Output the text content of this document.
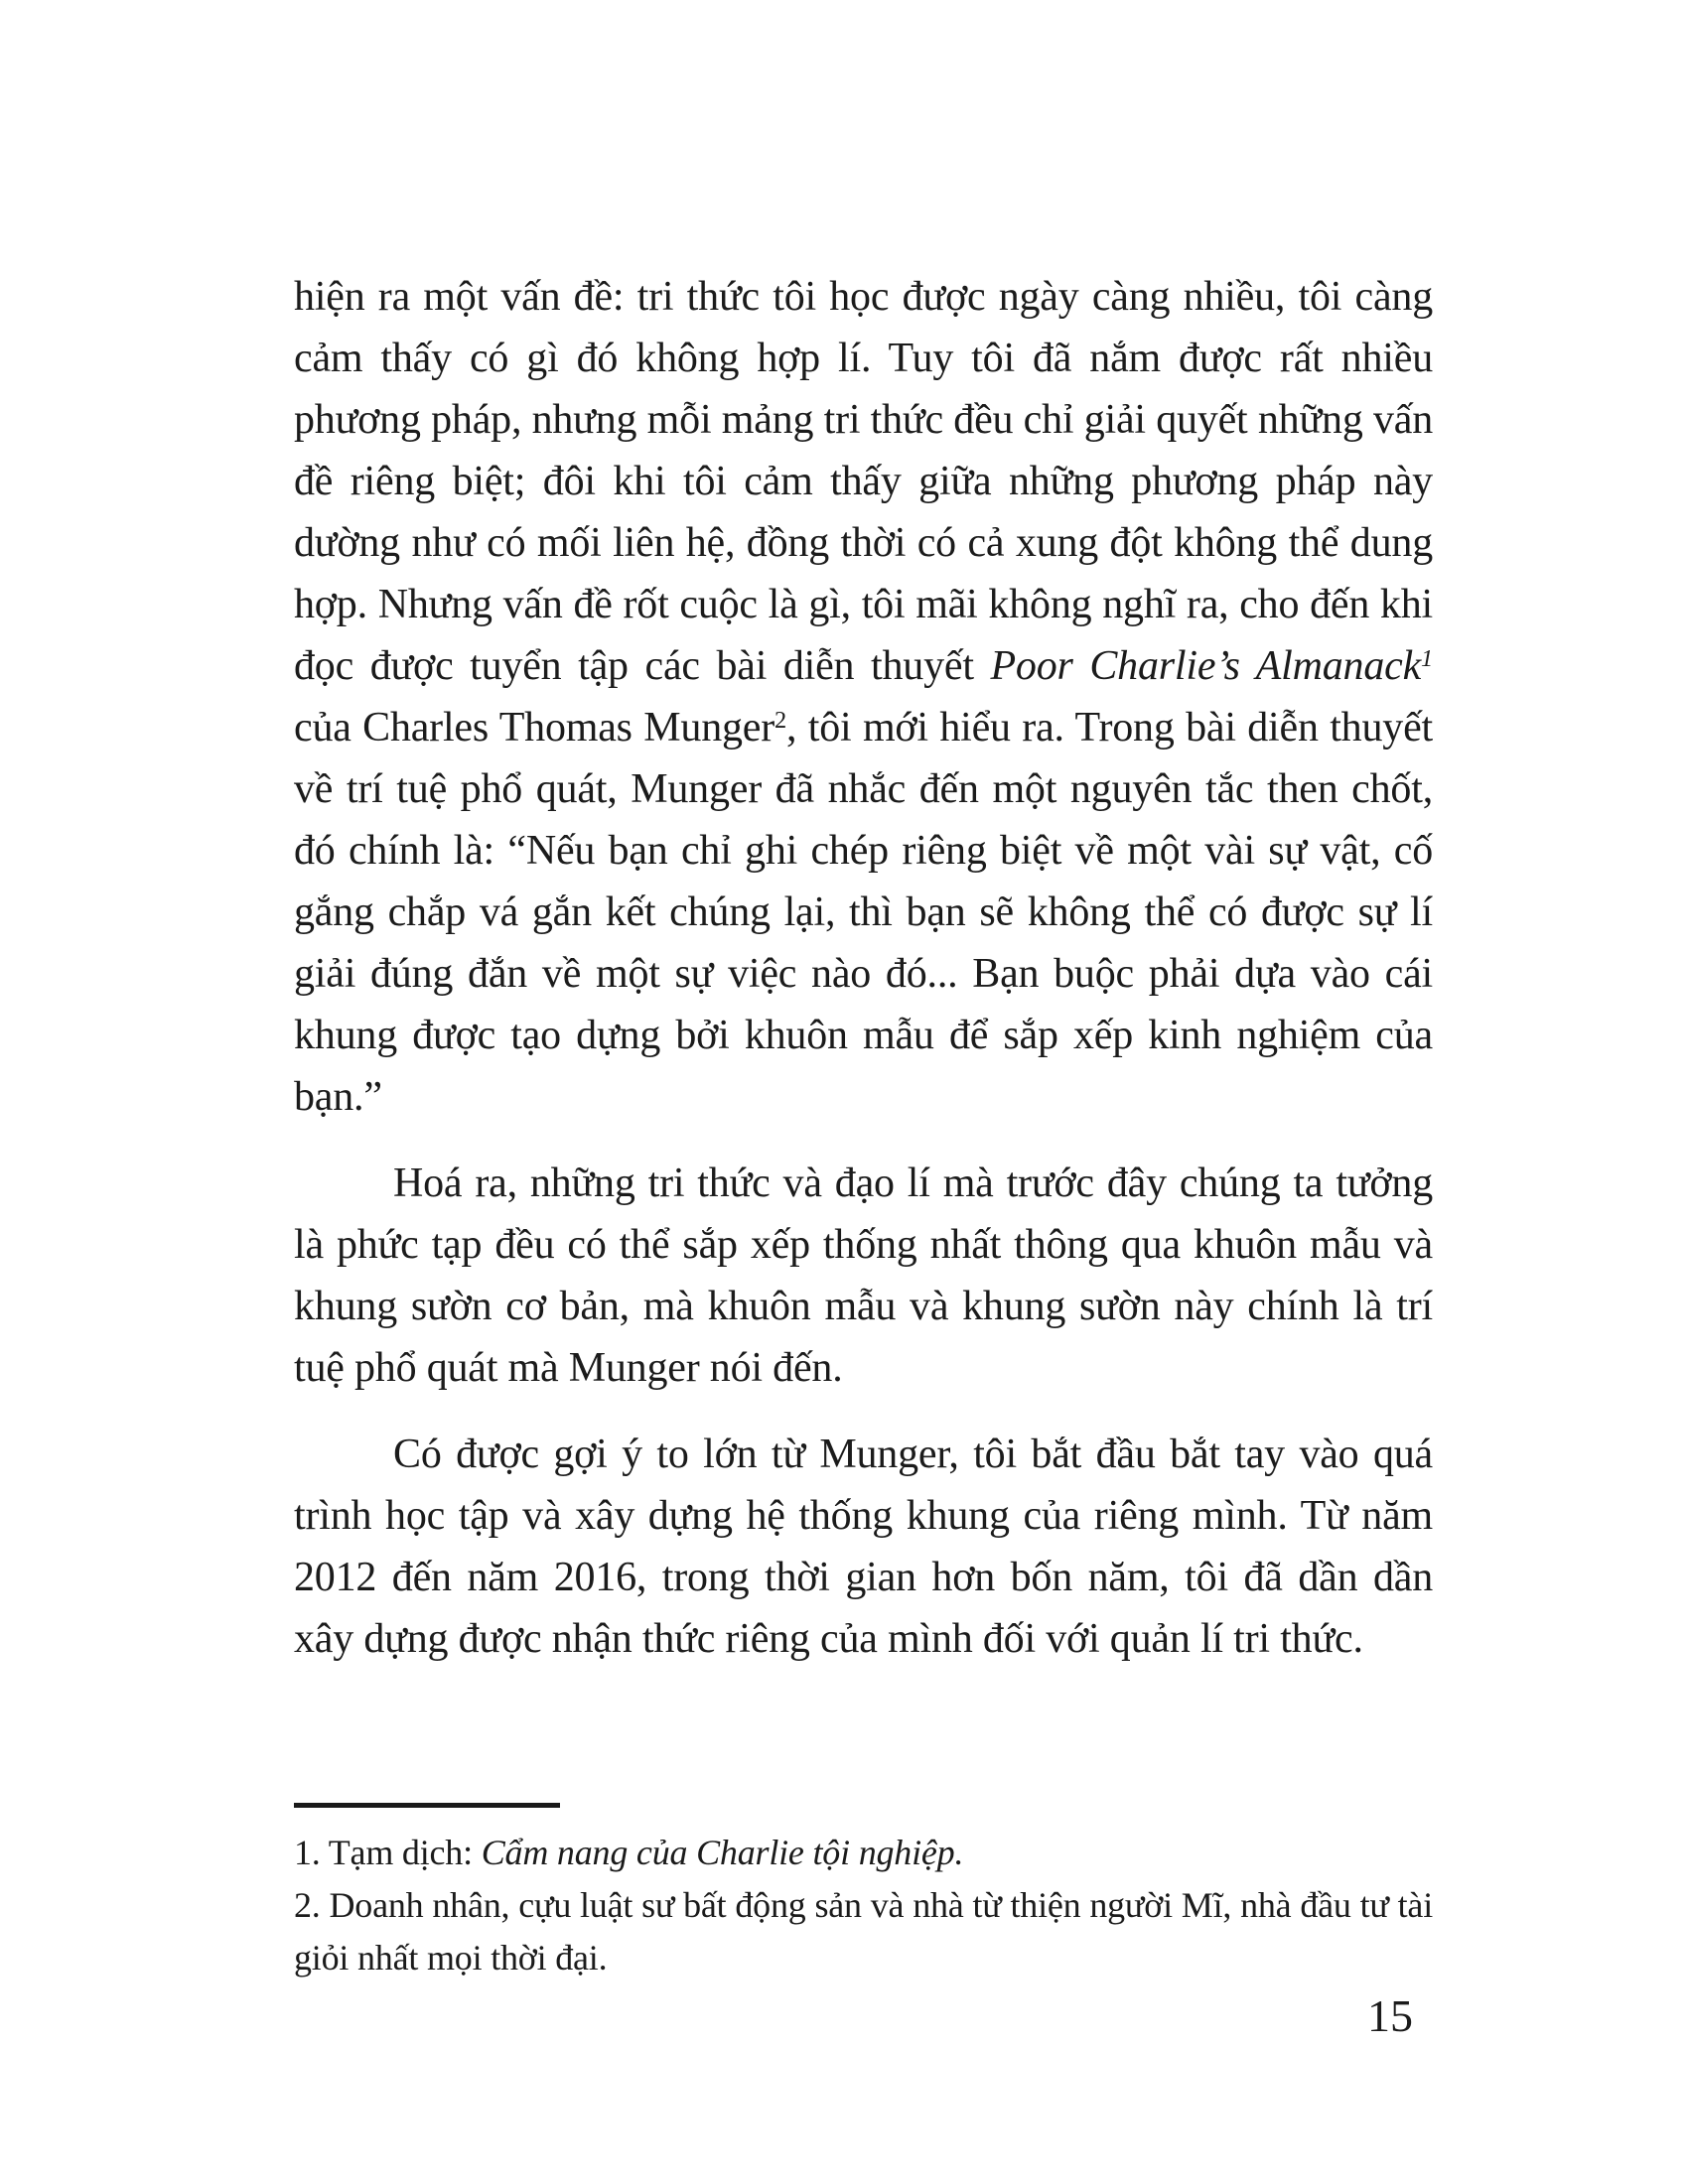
hiện ra một vấn đề: tri thức tôi học được ngày càng nhiều, tôi càng cảm thấy có gì đó không hợp lí. Tuy tôi đã nắm được rất nhiều phương pháp, nhưng mỗi mảng tri thức đều chỉ giải quyết những vấn đề riêng biệt; đôi khi tôi cảm thấy giữa những phương pháp này dường như có mối liên hệ, đồng thời có cả xung đột không thể dung hợp. Nhưng vấn đề rốt cuộc là gì, tôi mãi không nghĩ ra, cho đến khi đọc được tuyển tập các bài diễn thuyết Poor Charlie’s Almanack$^1$ của Charles Thomas Munger$^2$, tôi mới hiểu ra. Trong bài diễn thuyết về trí tuệ phổ quát, Munger đã nhắc đến một nguyên tắc then chốt, đó chính là: “Nếu bạn chỉ ghi chép riêng biệt về một vài sự vật, cố gắng chắp vá gắn kết chúng lại, thì bạn sẽ không thể có được sự lí giải đúng đắn về một sự việc nào đó... Bạn buộc phải dựa vào cái khung được tạo dựng bởi khuôn mẫu để sắp xếp kinh nghiệm của bạn.”

Hoá ra, những tri thức và đạo lí mà trước đây chúng ta tưởng là phức tạp đều có thể sắp xếp thống nhất thông qua khuôn mẫu và khung sườn cơ bản, mà khuôn mẫu và khung sườn này chính là trí tuệ phổ quát mà Munger nói đến.

Có được gợi ý to lớn từ Munger, tôi bắt đầu bắt tay vào quá trình học tập và xây dựng hệ thống khung của riêng mình. Từ năm 2012 đến năm 2016, trong thời gian hơn bốn năm, tôi đã dần dần xây dựng được nhận thức riêng của mình đối với quản lí tri thức.

1. Tạm dịch: Cẩm nang của Charlie tội nghiệp.

2. Doanh nhân, cựu luật sư bất động sản và nhà từ thiện người Mĩ, nhà đầu tư tài giỏi nhất mọi thời đại.

15
